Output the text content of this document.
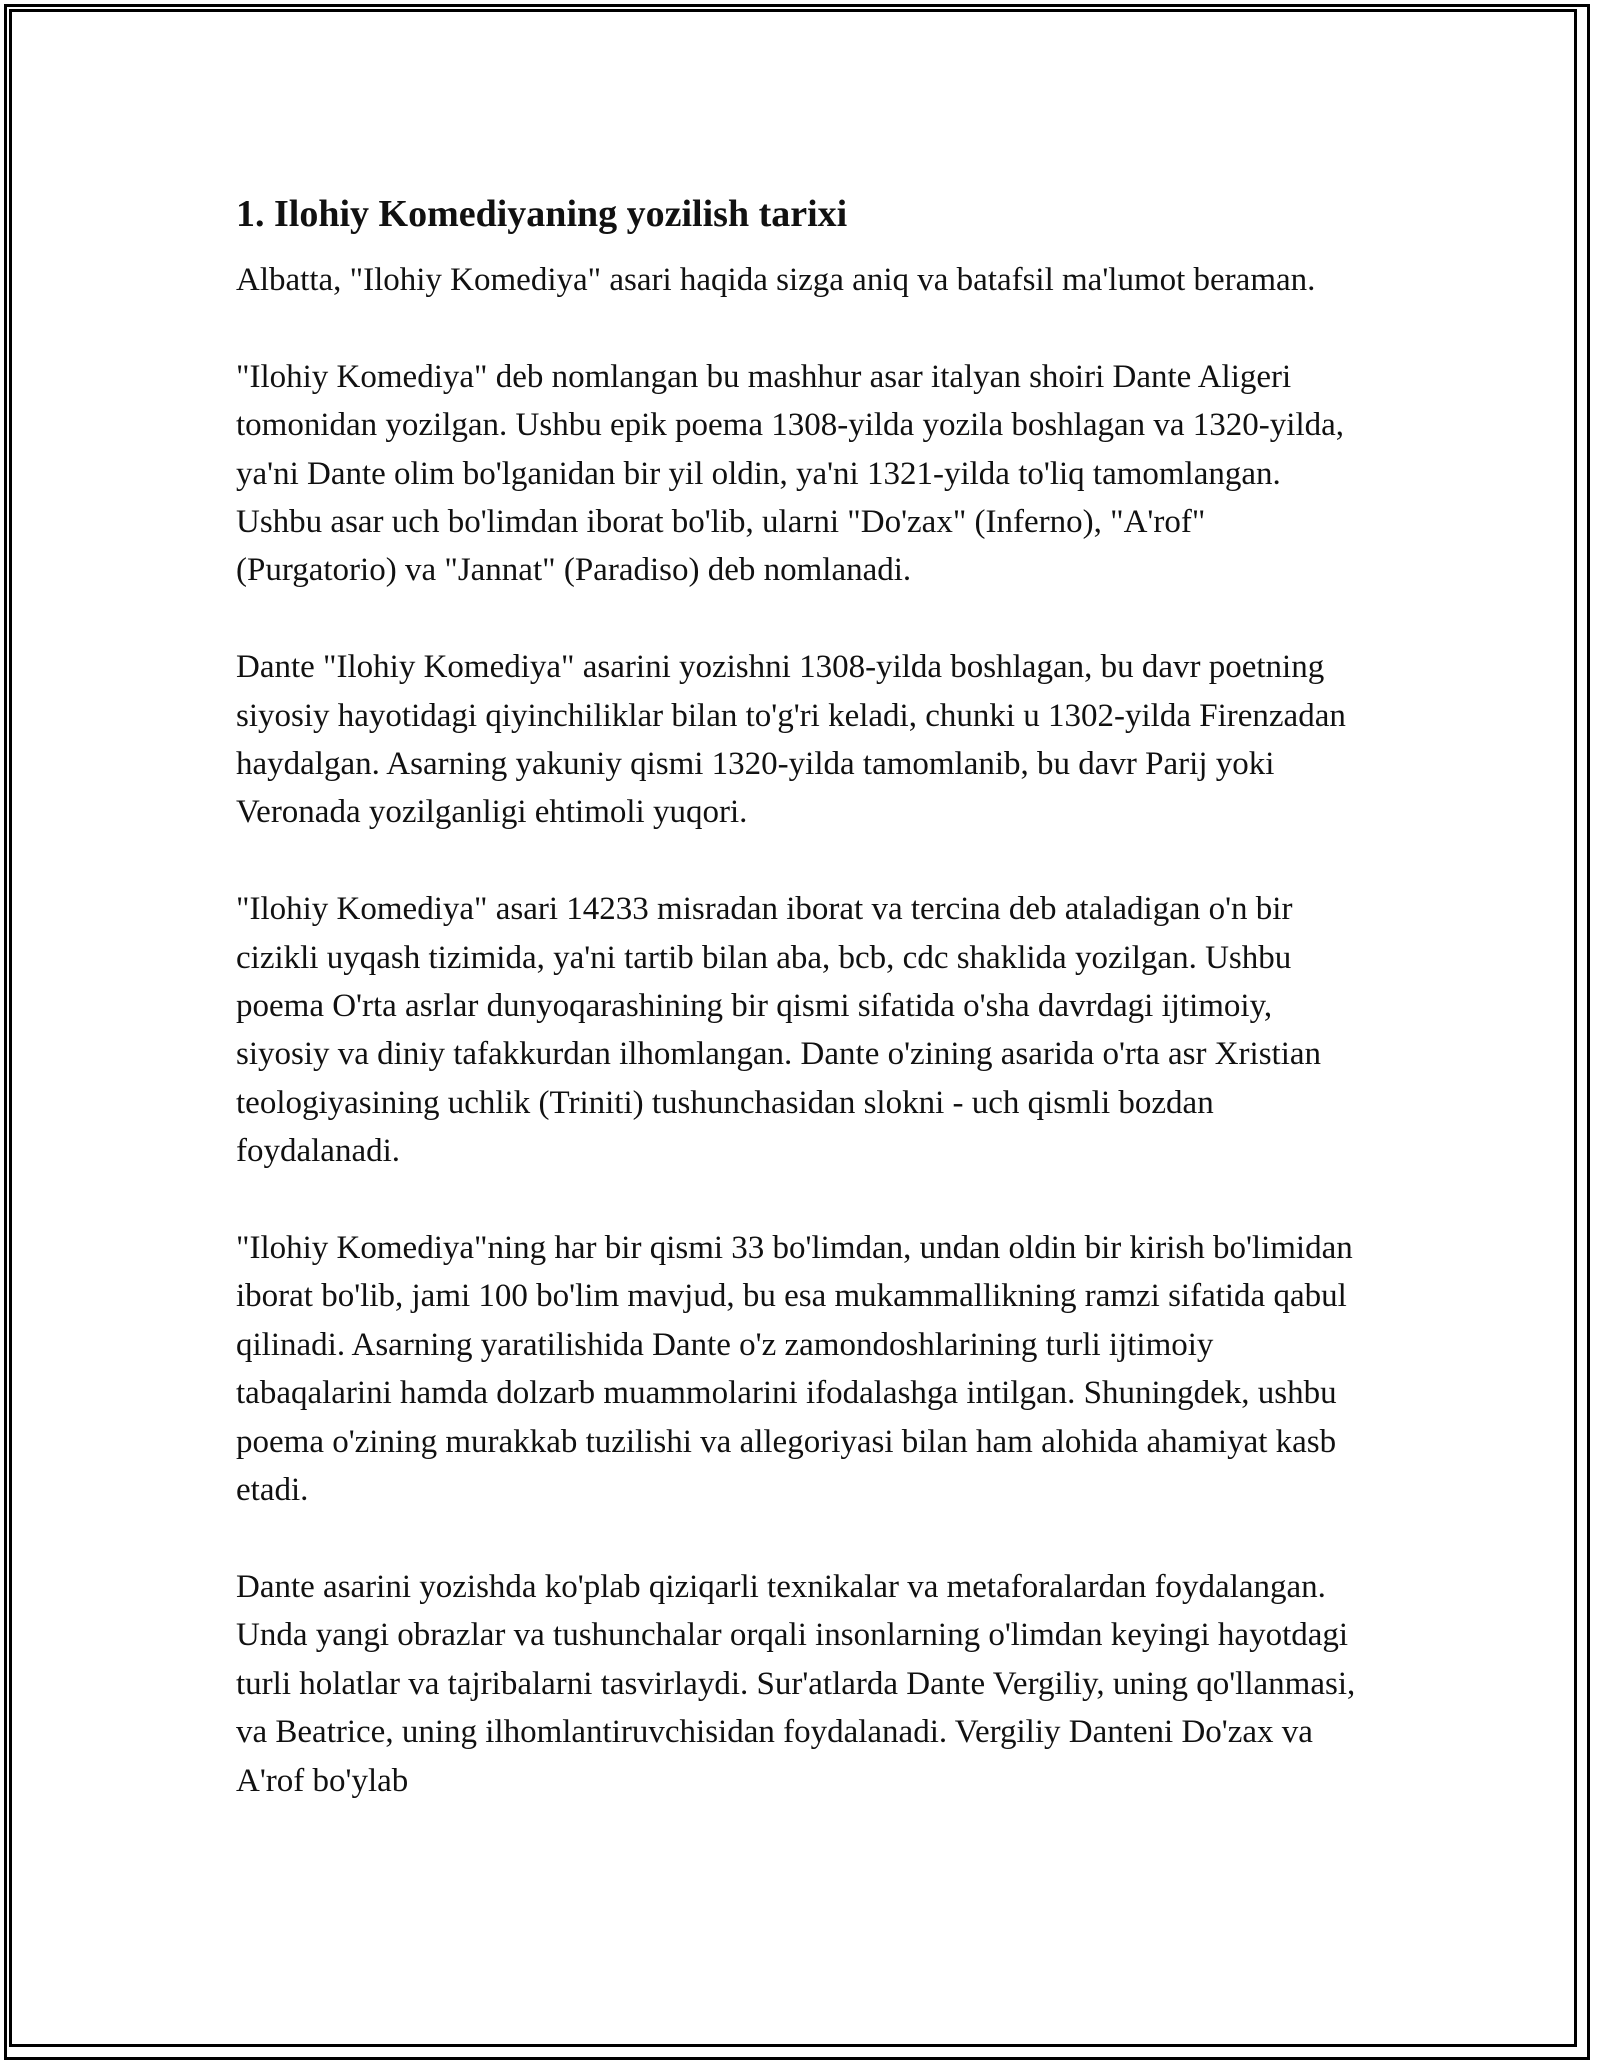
1. Ilohiy Komediyaning yozilish tarixi

Albatta, "Ilohiy Komediya" asari haqida sizga aniq va batafsil ma'lumot beraman.

"Ilohiy Komediya" deb nomlangan bu mashhur asar italyan shoiri Dante Aligeri tomonidan yozilgan. Ushbu epik poema 1308-yilda yozila boshlagan va 1320-yilda, ya'ni Dante olim bo'lganidan bir yil oldin, ya'ni 1321-yilda to'liq tamomlangan. Ushbu asar uch bo'limdan iborat bo'lib, ularni "Do'zax" (Inferno), "A'rof" (Purgatorio) va "Jannat" (Paradiso) deb nomlanadi.

Dante "Ilohiy Komediya" asarini yozishni 1308-yilda boshlagan, bu davr poetning siyosiy hayotidagi qiyinchiliklar bilan to'g'ri keladi, chunki u 1302-yilda Firenzadan haydalgan. Asarning yakuniy qismi 1320-yilda tamomlanib, bu davr Parij yoki Veronada yozilganligi ehtimoli yuqori.

"Ilohiy Komediya" asari 14233 misradan iborat va tercina deb ataladigan o'n bir cizikli uyqash tizimida, ya'ni tartib bilan aba, bcb, cdc shaklida yozilgan. Ushbu poema O'rta asrlar dunyoqarashining bir qismi sifatida o'sha davrdagi ijtimoiy, siyosiy va diniy tafakkurdan ilhomlangan. Dante o'zining asarida o'rta asr Xristian teologiyasining uchlik (Triniti) tushunchasidan slokni - uch qismli bozdan foydalanadi.

"Ilohiy Komediya"ning har bir qismi 33 bo'limdan, undan oldin bir kirish bo'limidan iborat bo'lib, jami 100 bo'lim mavjud, bu esa mukammallikning ramzi sifatida qabul qilinadi. Asarning yaratilishida Dante o'z zamondoshlarining turli ijtimoiy tabaqalarini hamda dolzarb muammolarini ifodalashga intilgan. Shuningdek, ushbu poema o'zining murakkab tuzilishi va allegoriyasi bilan ham alohida ahamiyat kasb etadi.

Dante asarini yozishda ko'plab qiziqarli texnikalar va metaforalardan foydalangan. Unda yangi obrazlar va tushunchalar orqali insonlarning o'limdan keyingi hayotdagi turli holatlar va tajribalarni tasvirlaydi. Sur'atlarda Dante Vergiliy, uning qo'llanmasi, va Beatrice, uning ilhomlantiruvchisidan foydalanadi. Vergiliy Danteni Do'zax va A'rof bo'ylab
